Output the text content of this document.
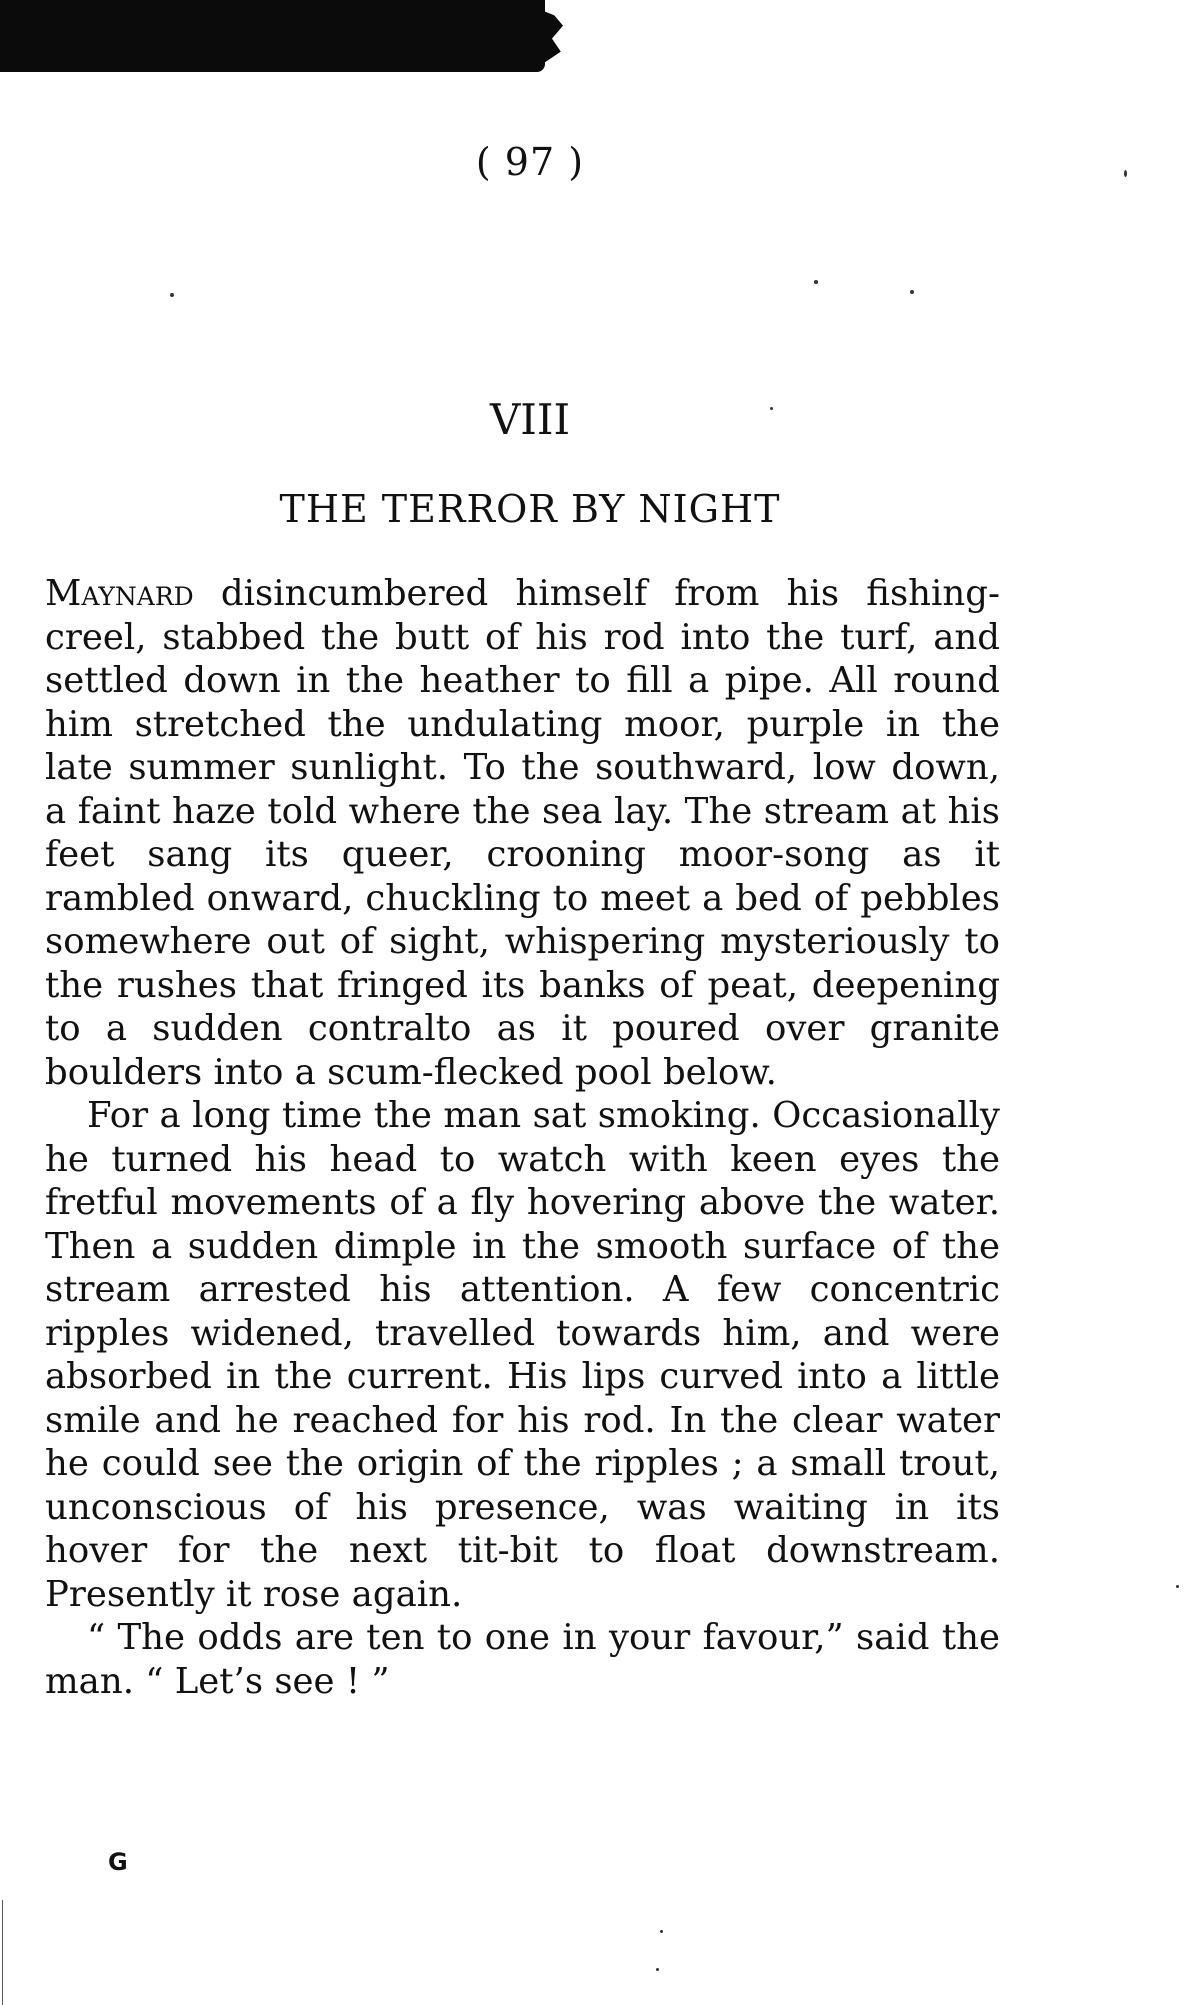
( 97 )
VIII
THE TERROR BY NIGHT

Maynard disincumbered himself from his fishing-creel, stabbed the butt of his rod into the turf, and settled down in the heather to fill a pipe. All round him stretched the undulating moor, purple in the late summer sunlight. To the southward, low down, a faint haze told where the sea lay. The stream at his feet sang its queer, crooning moor-song as it rambled onward, chuckling to meet a bed of pebbles somewhere out of sight, whispering mysteriously to the rushes that fringed its banks of peat, deepening to a sudden contralto as it poured over granite boulders into a scum-flecked pool below.

For a long time the man sat smoking. Occasionally he turned his head to watch with keen eyes the fretful movements of a fly hovering above the water. Then a sudden dimple in the smooth surface of the stream arrested his attention. A few concentric ripples widened, travelled towards him, and were absorbed in the current. His lips curved into a little smile and he reached for his rod. In the clear water he could see the origin of the ripples ; a small trout, unconscious of his presence, was waiting in its hover for the next tit-bit to float downstream. Presently it rose again.

“ The odds are ten to one in your favour,” said the man. “ Let’s see ! ”

G
